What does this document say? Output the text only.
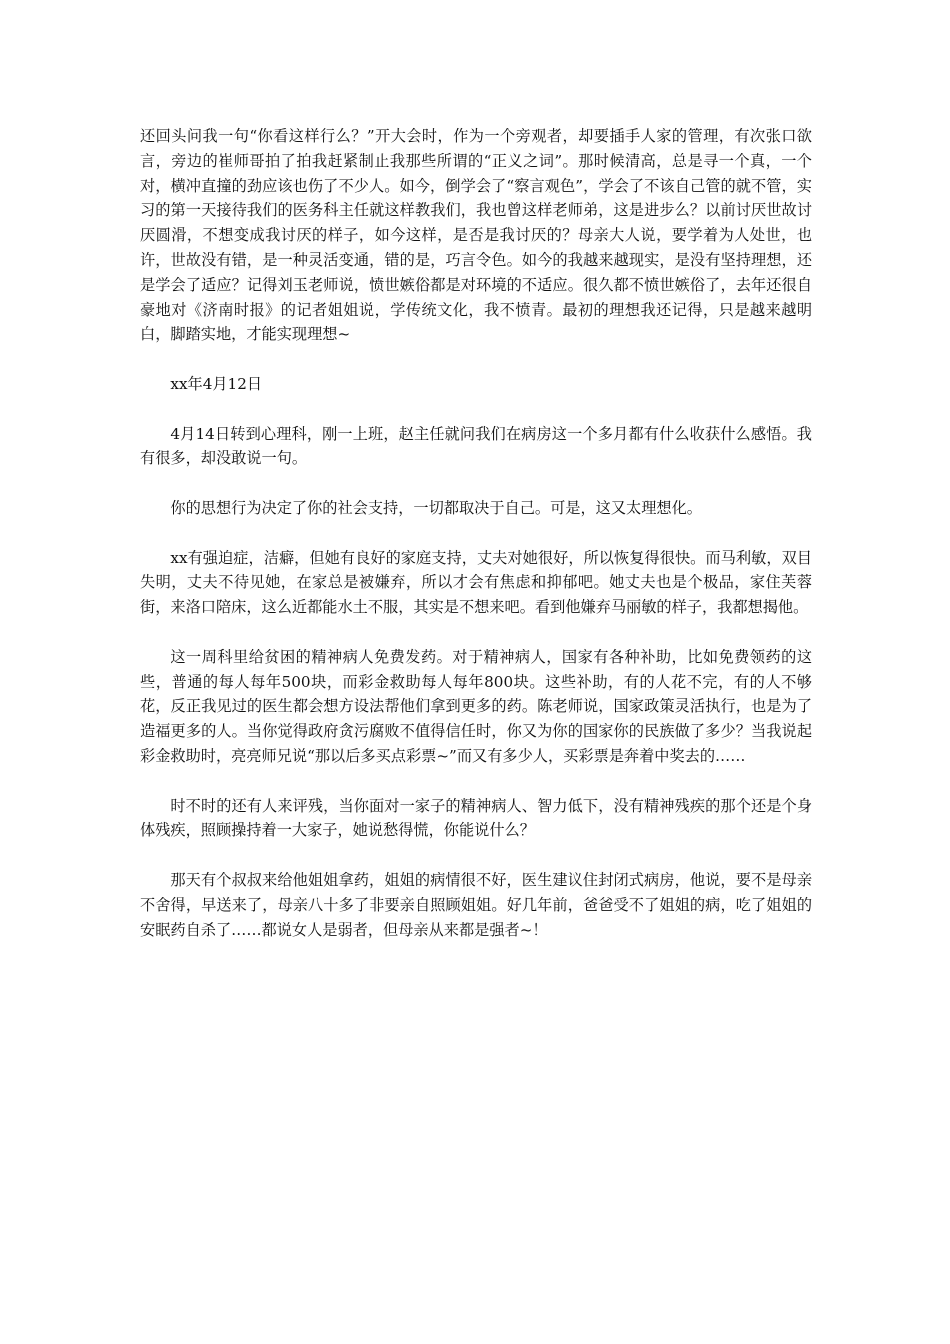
还回头问我一句“你看这样行么？”开大会时，作为一个旁观者，却要插手人家的管理，有次张口欲言，旁边的崔师哥拍了拍我赶紧制止我那些所谓的“正义之词”。那时候清高，总是寻一个真，一个对，横冲直撞的劲应该也伤了不少人。如今，倒学会了“察言观色”，学会了不该自己管的就不管，实习的第一天接待我们的医务科主任就这样教我们，我也曾这样老师弟，这是进步么？以前讨厌世故讨厌圆滑，不想变成我讨厌的样子，如今这样，是否是我讨厌的？母亲大人说，要学着为人处世，也许，世故没有错，是一种灵活变通，错的是，巧言令色。如今的我越来越现实，是没有坚持理想，还是学会了适应？记得刘玉老师说，愤世嫉俗都是对环境的不适应。很久都不愤世嫉俗了，去年还很自豪地对《济南时报》的记者姐姐说，学传统文化，我不愤青。最初的理想我还记得，只是越来越明白，脚踏实地，才能实现理想~

xx年4月12日

4月14日转到心理科，刚一上班，赵主任就问我们在病房这一个多月都有什么收获什么感悟。我有很多，却没敢说一句。

你的思想行为决定了你的社会支持，一切都取决于自己。可是，这又太理想化。

xx有强迫症，洁癖，但她有良好的家庭支持，丈夫对她很好，所以恢复得很快。而马利敏，双目失明，丈夫不待见她，在家总是被嫌弃，所以才会有焦虑和抑郁吧。她丈夫也是个极品，家住芙蓉街，来洛口陪床，这么近都能水土不服，其实是不想来吧。看到他嫌弃马丽敏的样子，我都想揭他。

这一周科里给贫困的精神病人免费发药。对于精神病人，国家有各种补助，比如免费领药的这些，普通的每人每年500块，而彩金救助每人每年800块。这些补助，有的人花不完，有的人不够花，反正我见过的医生都会想方设法帮他们拿到更多的药。陈老师说，国家政策灵活执行，也是为了造福更多的人。当你觉得政府贪污腐败不值得信任时，你又为你的国家你的民族做了多少？当我说起彩金救助时，亮亮师兄说“那以后多买点彩票~”而又有多少人，买彩票是奔着中奖去的……

时不时的还有人来评残，当你面对一家子的精神病人、智力低下，没有精神残疾的那个还是个身体残疾，照顾操持着一大家子，她说愁得慌，你能说什么？

那天有个叔叔来给他姐姐拿药，姐姐的病情很不好，医生建议住封闭式病房，他说，要不是母亲不舍得，早送来了，母亲八十多了非要亲自照顾姐姐。好几年前，爸爸受不了姐姐的病，吃了姐姐的安眠药自杀了……都说女人是弱者，但母亲从来都是强者~！
